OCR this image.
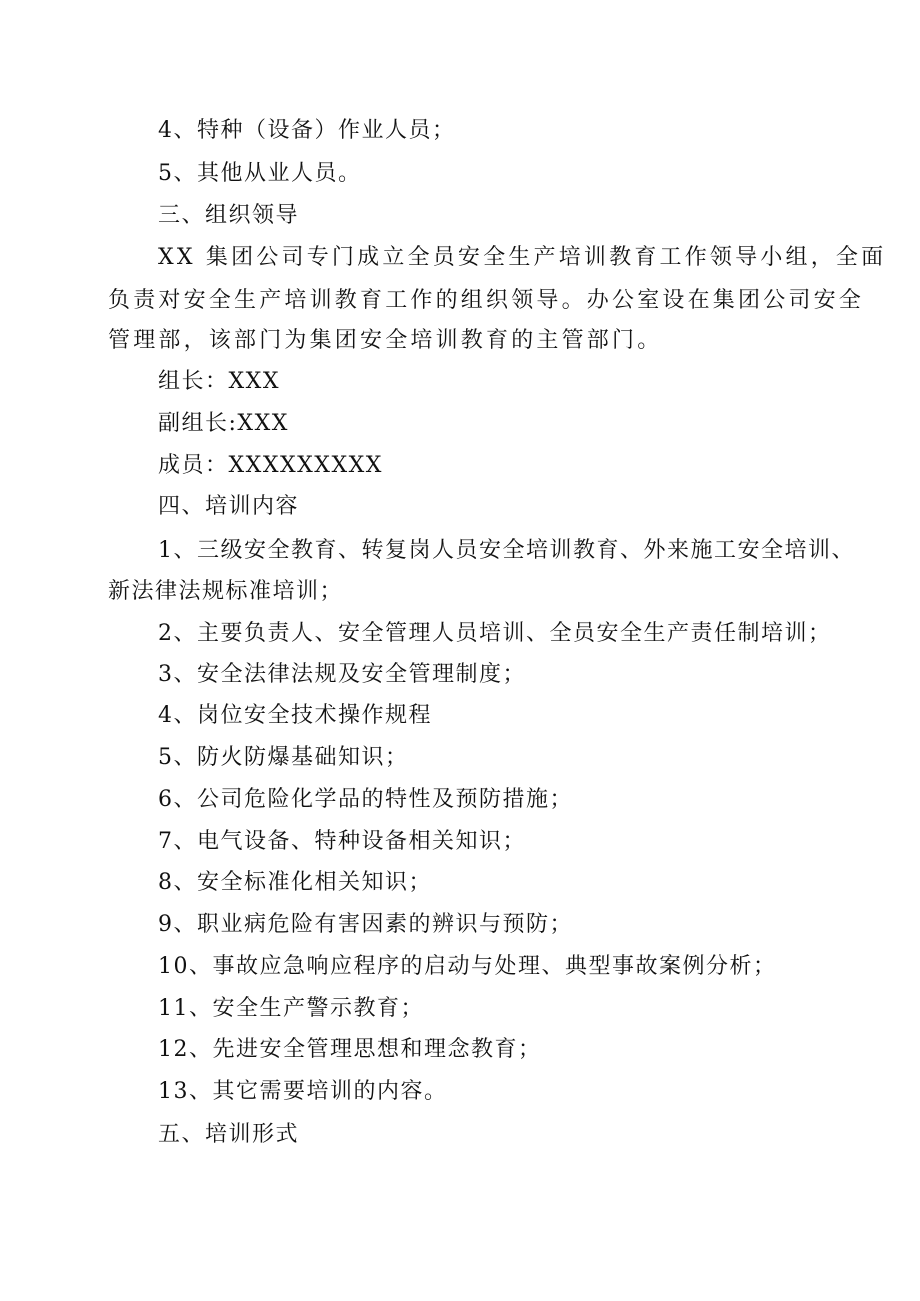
4、特种（设备）作业人员；
5、其他从业人员。
三、组织领导
XX 集团公司专门成立全员安全生产培训教育工作领导小组，全面
负责对安全生产培训教育工作的组织领导。办公室设在集团公司安全
管理部，该部门为集团安全培训教育的主管部门。
组长：XXX
副组长:XXX
成员：XXXXXXXXX
四、培训内容
1、三级安全教育、转复岗人员安全培训教育、外来施工安全培训、
新法律法规标准培训；
2、主要负责人、安全管理人员培训、全员安全生产责任制培训；
3、安全法律法规及安全管理制度；
4、岗位安全技术操作规程
5、防火防爆基础知识；
6、公司危险化学品的特性及预防措施；
7、电气设备、特种设备相关知识；
8、安全标准化相关知识；
9、职业病危险有害因素的辨识与预防；
10、事故应急响应程序的启动与处理、典型事故案例分析；
11、安全生产警示教育；
12、先进安全管理思想和理念教育；
13、其它需要培训的内容。
五、培训形式
